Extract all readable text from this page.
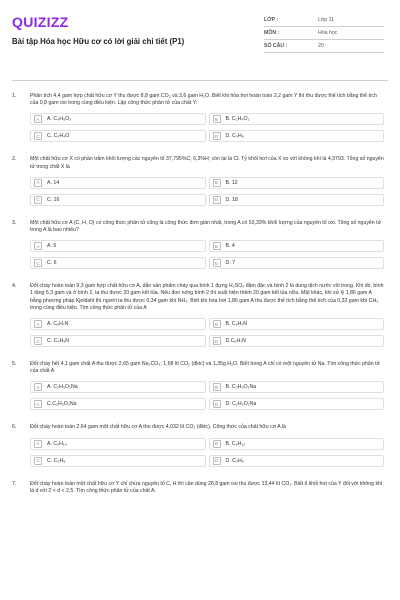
QUIZIZZ
Bài tập Hóa học Hữu cơ có lời giải chi tiết (P1)
LỚP :	Lớp 11
MÔN :	Hóa học
SỐ CÂU :	20
1.	Phân tích 4,4 gam hợp chất hữu cơ Y thu được 8,8 gam CO₂ và 3,6 gam H₂O. Biết khi hóa hơi hoàn toàn 2,2 gam Y thì thu được thể tích bằng thể tích của 0,8 gam oxi trong cùng điều kiện. Lập công thức phân tử của chất Y:
A	A. C₄H₈O₂	B	B. C₂H₄O₂
C	C. C₂H₄O	D	D. C₃H₆
2.	Một chất hữu cơ X có phần trăm khối lượng các nguyên tố 37,795%C; 6,3%H; còn lại là Cl. Tỷ khối hơi của X so với không khí là 4,3793. Tổng số nguyên tử trong chất X là
A	A. 14	B	B. 12
C	C. 16	D	D. 18
3.	Một chất hữu cơ A (C, H, O) có công thức phân tử cũng là công thức đơn giản nhất, trong A có 53,33% khối lượng của nguyên tố oxi. Tổng số nguyên tử trong A là bao nhiêu?
A	A. 5	B	B. 4
C	C. 6	D	D. 7
4.	Đốt cháy hoàn toàn 9,3 gam hợp chất hữu cơ A, dẫn sản phẩm cháy qua bình 1 đựng H₂SO₄ đậm đặc và bình 2 là dung dịch nước vôi trong. Khi đó, bình 1 tăng 6,3 gam và ở bình 2, ta thu được 20 gam kết tủa. Nếu đun nóng bình 2 thì xuất hiện thêm 20 gam kết tủa nữa. Mặt khác, khi xử lý 1,86 gam A bằng phương pháp Kjeldahl thì người ta thu được 0,34 gam khí NH₃. Biết khi hóa hơi 1,86 gam A thu được thể tích bằng thể tích của 0,32 gam khí CH₄ trong cùng điều kiện. Tìm công thức phân tử của A
A	A. C₆H₇N	B	B. C₆H₇N
C	C. C₄H₉N	D	D.C₆H₇N
5.	Đốt cháy hết 4,1 gam chất A thu được 2,65 gam Na₂CO₃; 1,68 lít CO₂ (đktc) và 1,35g H₂O. Biết trong A chỉ có một nguyên tử Na. Tìm công thức phân tử của chất A
A	A. C₂H₃O₂Na	B	B. C₂H₃O₂Na
C	C.C₂H₃O₂Na	D	D. C₂H₃O₂Na
6.	Đốt cháy hoàn toàn 2,64 gam một chất hữu cơ A thu được 4,032 lít CO₂ (đktc). Công thức của chất hữu cơ A là
A	A. C₆H₁₄	B	B. C₆H₁₂
C	C. C₃H₈	D	D. C₃H₆
7.	Đốt cháy hoàn toàn một chất hữu cơ Y chỉ chứa nguyên tố C, H thì cần dùng 28,8 gam oxi thu được 13,44 lít CO₂. Biết tỉ khối hơi của Y đối với không khí là d với 2 < d < 2,5. Tìm công thức phân tử của chất A.
